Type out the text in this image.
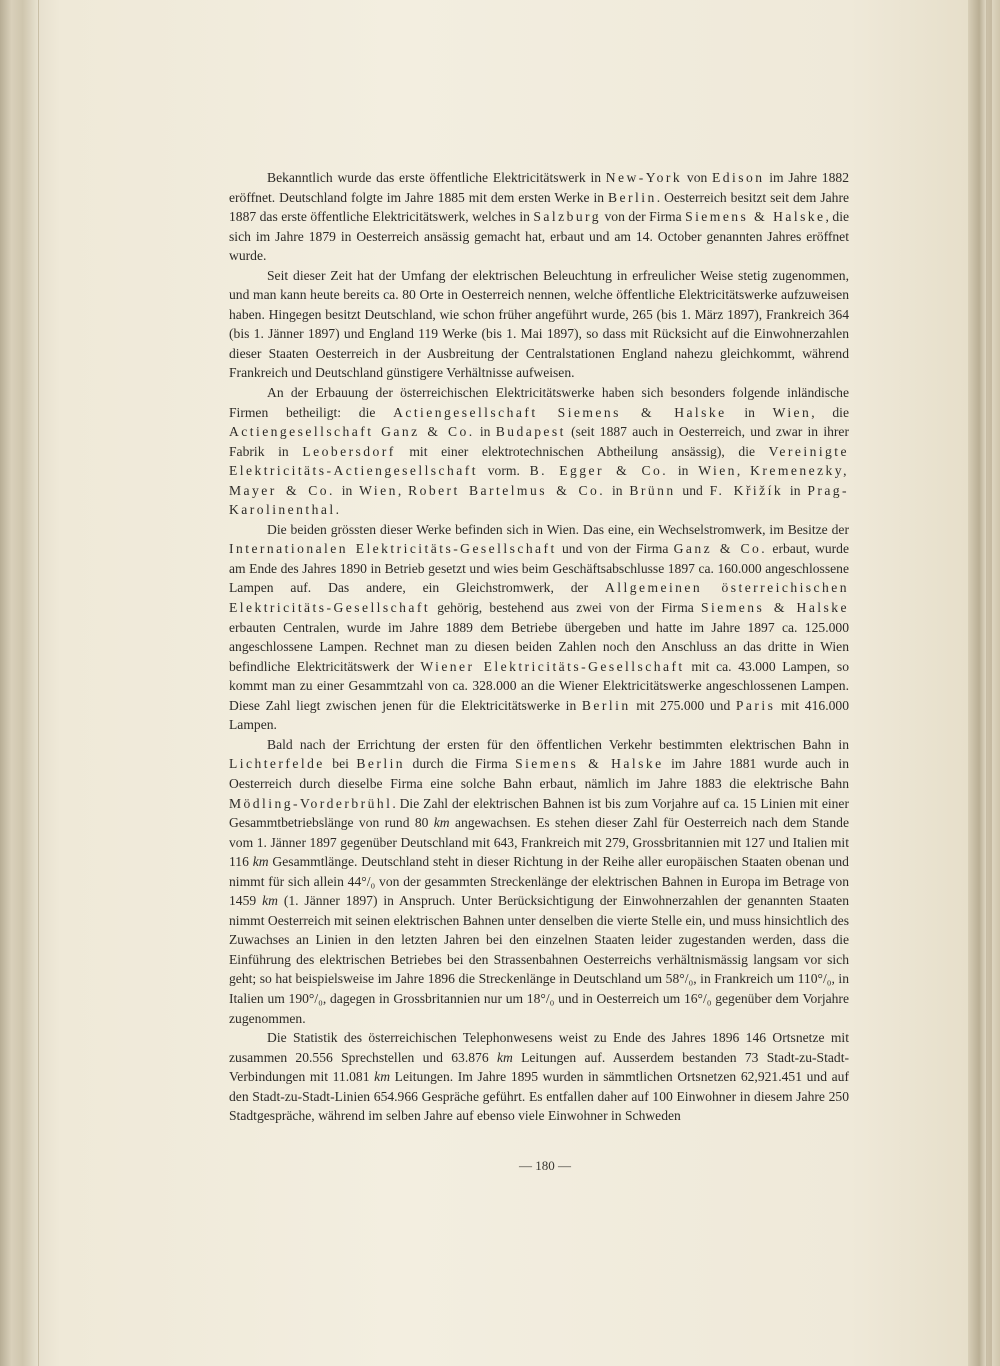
Bekanntlich wurde das erste öffentliche Elektricitätswerk in New-York von Edison im Jahre 1882 eröffnet. Deutschland folgte im Jahre 1885 mit dem ersten Werke in Berlin. Oesterreich besitzt seit dem Jahre 1887 das erste öffentliche Elektricitätswerk, welches in Salzburg von der Firma Siemens & Halske, die sich im Jahre 1879 in Oesterreich ansässig gemacht hat, erbaut und am 14. October genannten Jahres eröffnet wurde.

Seit dieser Zeit hat der Umfang der elektrischen Beleuchtung in erfreulicher Weise stetig zugenommen, und man kann heute bereits ca. 80 Orte in Oesterreich nennen, welche öffentliche Elektricitätswerke aufzuweisen haben. Hingegen besitzt Deutschland, wie schon früher angeführt wurde, 265 (bis 1. März 1897), Frankreich 364 (bis 1. Jänner 1897) und England 119 Werke (bis 1. Mai 1897), so dass mit Rücksicht auf die Einwohnerzahlen dieser Staaten Oesterreich in der Ausbreitung der Centralstationen England nahezu gleichkommt, während Frankreich und Deutschland günstigere Verhältnisse aufweisen.

An der Erbauung der österreichischen Elektricitätswerke haben sich besonders folgende inländische Firmen betheiligt: die Actiengesellschaft Siemens & Halske in Wien, die Actiengesellschaft Ganz & Co. in Budapest (seit 1887 auch in Oesterreich, und zwar in ihrer Fabrik in Leobersdorf mit einer elektrotechnischen Abtheilung ansässig), die Vereinigte Elektricitäts-Actiengesellschaft vorm. B. Egger & Co. in Wien, Kremenezky, Mayer & Co. in Wien, Robert Bartelmus & Co. in Brünn und F. Křižík in Prag-Karolinenthal.

Die beiden grössten dieser Werke befinden sich in Wien. Das eine, ein Wechselstromwerk, im Besitze der Internationalen Elektricitäts-Gesellschaft und von der Firma Ganz & Co. erbaut, wurde am Ende des Jahres 1890 in Betrieb gesetzt und wies beim Geschäftsabschlusse 1897 ca. 160.000 angeschlossene Lampen auf. Das andere, ein Gleichstromwerk, der Allgemeinen österreichischen Elektricitäts-Gesellschaft gehörig, bestehend aus zwei von der Firma Siemens & Halske erbauten Centralen, wurde im Jahre 1889 dem Betriebe übergeben und hatte im Jahre 1897 ca. 125.000 angeschlossene Lampen. Rechnet man zu diesen beiden Zahlen noch den Anschluss an das dritte in Wien befindliche Elektricitätswerk der Wiener Elektricitäts-Gesellschaft mit ca. 43.000 Lampen, so kommt man zu einer Gesammtzahl von ca. 328.000 an die Wiener Elektricitätswerke angeschlossenen Lampen. Diese Zahl liegt zwischen jenen für die Elektricitätswerke in Berlin mit 275.000 und Paris mit 416.000 Lampen.

Bald nach der Errichtung der ersten für den öffentlichen Verkehr bestimmten elektrischen Bahn in Lichterfelde bei Berlin durch die Firma Siemens & Halske im Jahre 1881 wurde auch in Oesterreich durch dieselbe Firma eine solche Bahn erbaut, nämlich im Jahre 1883 die elektrische Bahn Mödling-Vorderbrühl. Die Zahl der elektrischen Bahnen ist bis zum Vorjahre auf ca. 15 Linien mit einer Gesammtbetriebslänge von rund 80 km angewachsen. Es stehen dieser Zahl für Oesterreich nach dem Stande vom 1. Jänner 1897 gegenüber Deutschland mit 643, Frankreich mit 279, Grossbritannien mit 127 und Italien mit 116 km Gesammtlänge. Deutschland steht in dieser Richtung in der Reihe aller europäischen Staaten obenan und nimmt für sich allein 44°/₀ von der gesammten Streckenlänge der elektrischen Bahnen in Europa im Betrage von 1459 km (1. Jänner 1897) in Anspruch. Unter Berücksichtigung der Einwohnerzahlen der genannten Staaten nimmt Oesterreich mit seinen elektrischen Bahnen unter denselben die vierte Stelle ein, und muss hinsichtlich des Zuwachses an Linien in den letzten Jahren bei den einzelnen Staaten leider zugestanden werden, dass die Einführung des elektrischen Betriebes bei den Strassenbahnen Oesterreichs verhältnismässig langsam vor sich geht; so hat beispielsweise im Jahre 1896 die Streckenlänge in Deutschland um 58°/₀, in Frankreich um 110°/₀, in Italien um 190°/₀, dagegen in Grossbritannien nur um 18°/₀ und in Oesterreich um 16°/₀ gegenüber dem Vorjahre zugenommen.

Die Statistik des österreichischen Telephonwesens weist zu Ende des Jahres 1896 146 Ortsnetze mit zusammen 20.556 Sprechstellen und 63.876 km Leitungen auf. Ausserdem bestanden 73 Stadt-zu-Stadt-Verbindungen mit 11.081 km Leitungen. Im Jahre 1895 wurden in sämmtlichen Ortsnetzen 62,921.451 und auf den Stadt-zu-Stadt-Linien 654.966 Gespräche geführt. Es entfallen daher auf 100 Einwohner in diesem Jahre 250 Stadtgespräche, während im selben Jahre auf ebenso viele Einwohner in Schweden

— 180 —
